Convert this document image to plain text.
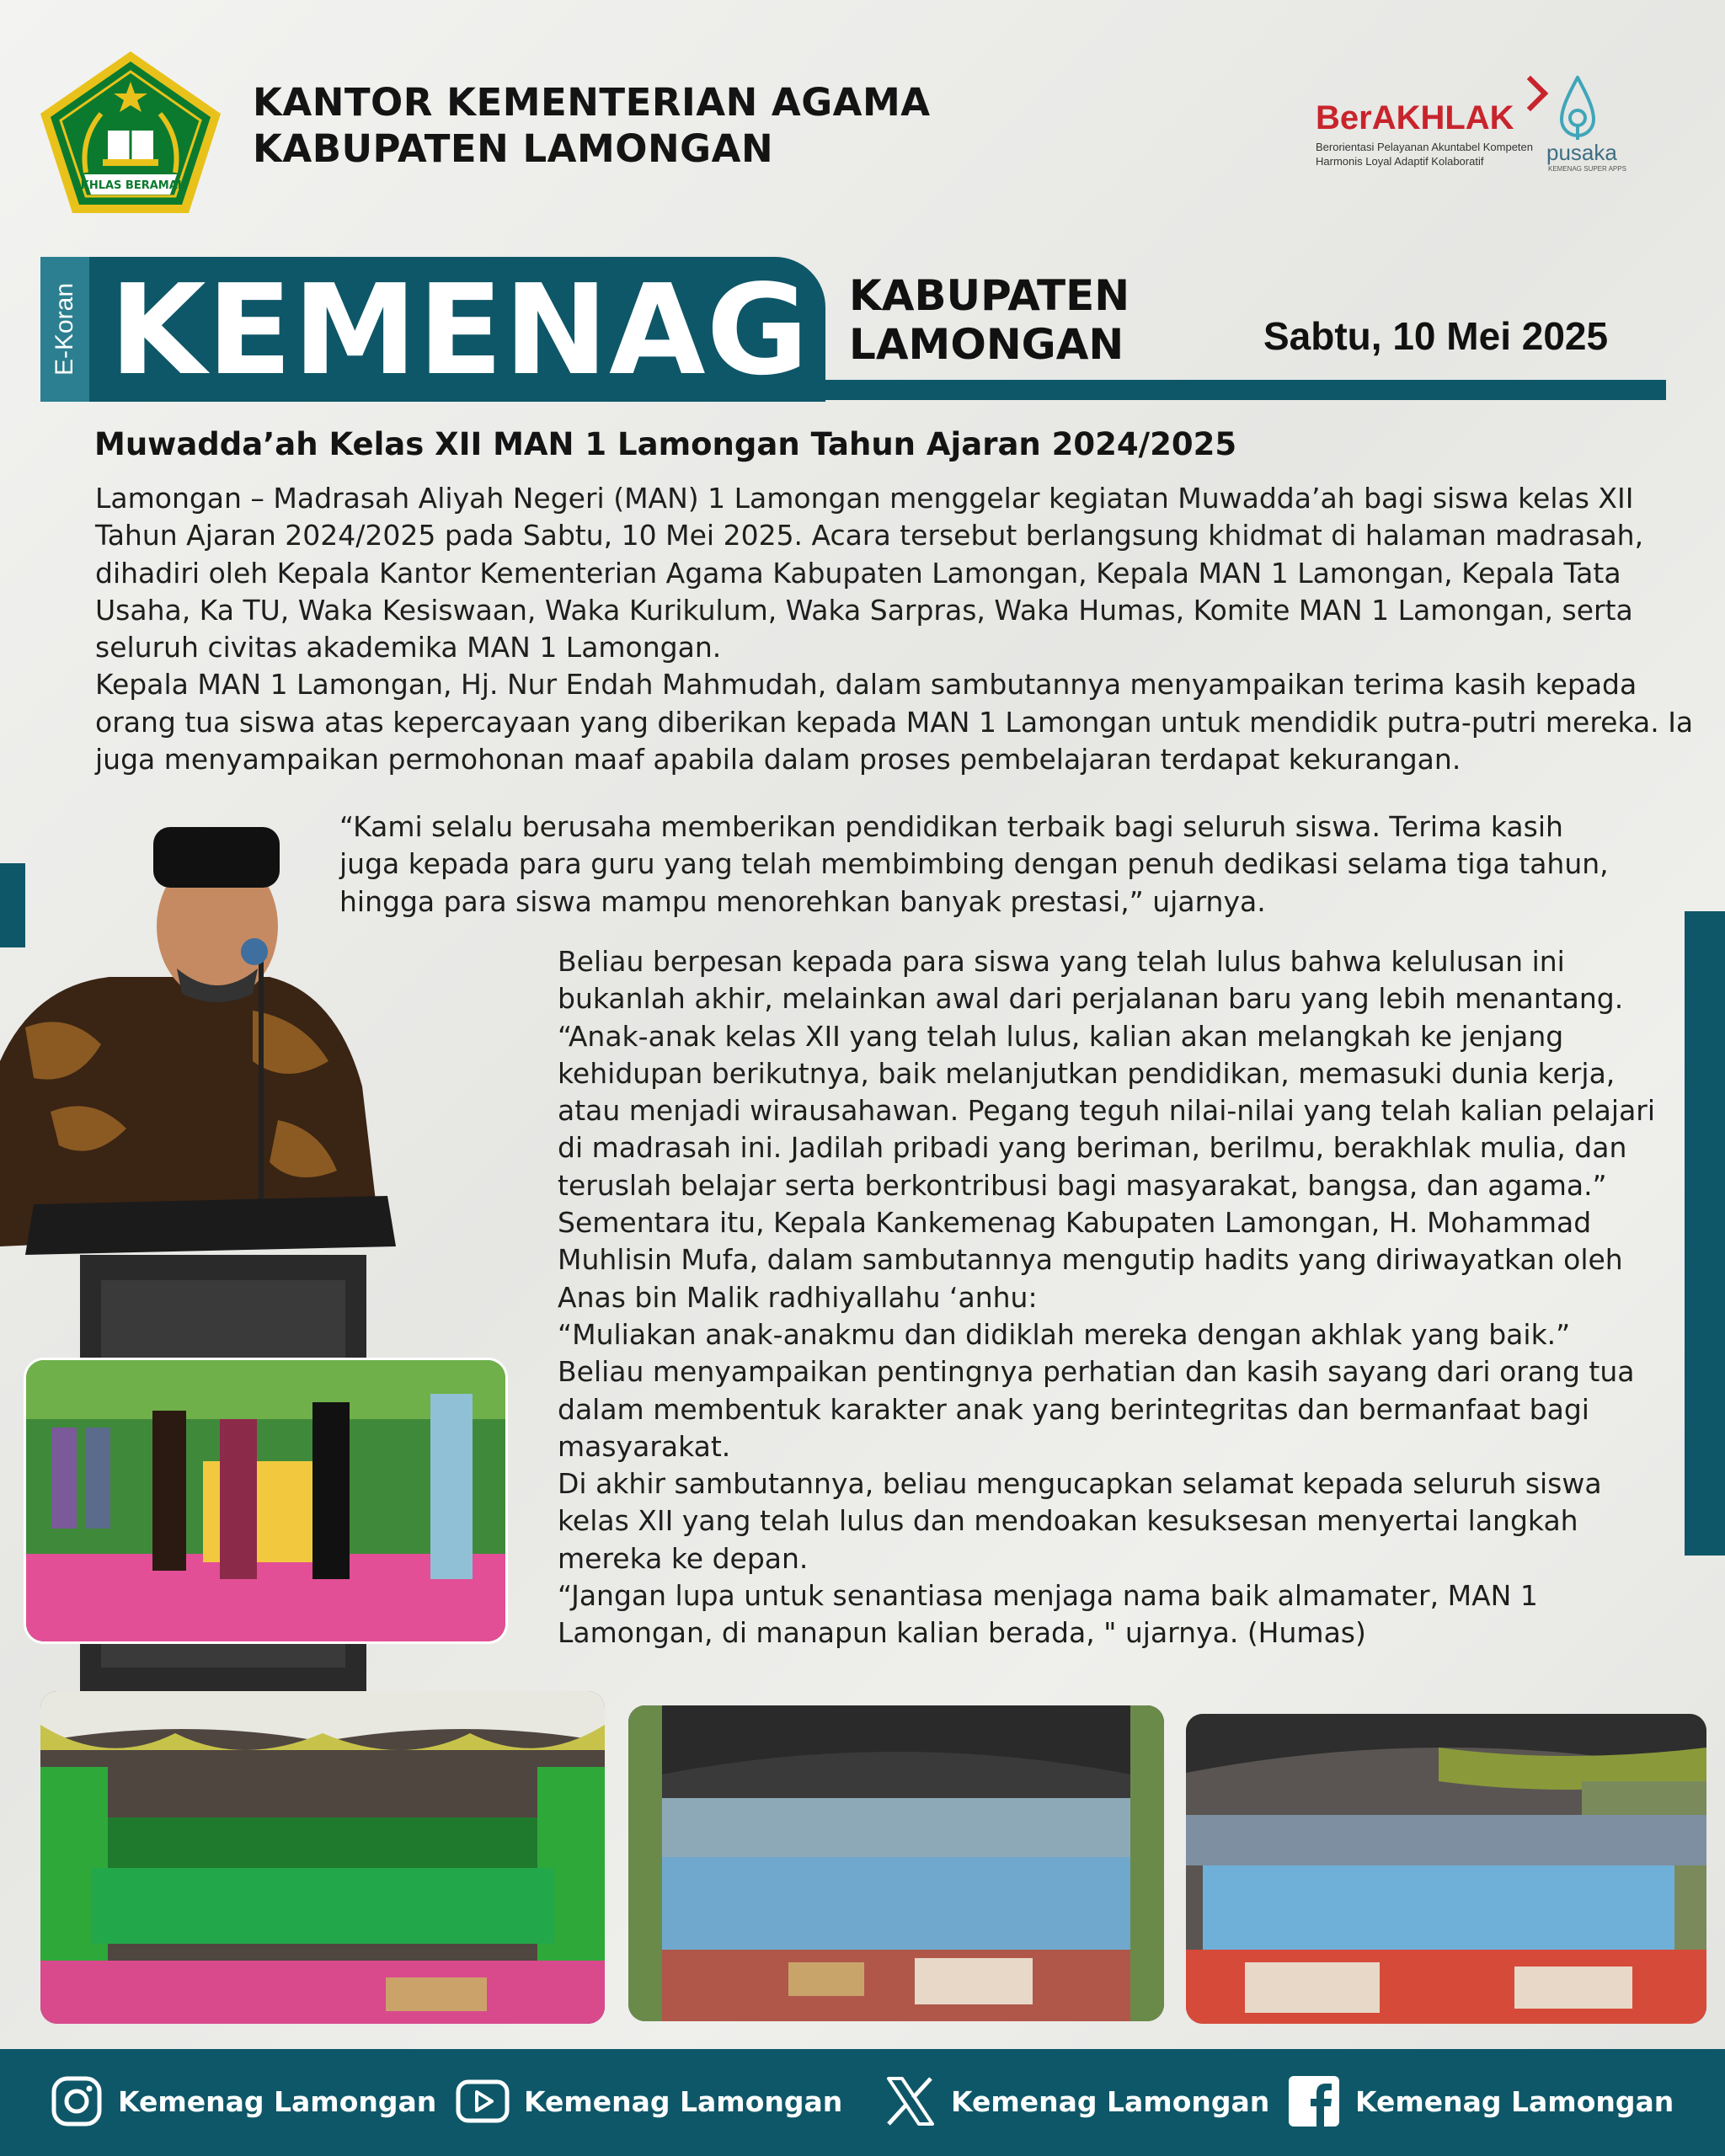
IKHLAS BERAMAL
KANTOR KEMENTERIAN AGAMA
KABUPATEN LAMONGAN
BerAKHLAK
Berorientasi Pelayanan Akuntabel Kompeten
Harmonis Loyal Adaptif Kolaboratif	pusaka
KEMENAG SUPER APPS
E-Koran KEMENAG KABUPATEN
LAMONGAN	Sabtu, 10 Mei 2025
Muwadda’ah Kelas XII MAN 1 Lamongan Tahun Ajaran 2024/2025
Lamongan – Madrasah Aliyah Negeri (MAN) 1 Lamongan menggelar kegiatan Muwadda’ah bagi siswa kelas XII
Tahun Ajaran 2024/2025 pada Sabtu, 10 Mei 2025. Acara tersebut berlangsung khidmat di halaman madrasah,
dihadiri oleh Kepala Kantor Kementerian Agama Kabupaten Lamongan, Kepala MAN 1 Lamongan, Kepala Tata
Usaha, Ka TU, Waka Kesiswaan, Waka Kurikulum, Waka Sarpras, Waka Humas, Komite MAN 1 Lamongan, serta
seluruh civitas akademika MAN 1 Lamongan.
Kepala MAN 1 Lamongan, Hj. Nur Endah Mahmudah, dalam sambutannya menyampaikan terima kasih kepada
orang tua siswa atas kepercayaan yang diberikan kepada MAN 1 Lamongan untuk mendidik putra-putri mereka. Ia
juga menyampaikan permohonan maaf apabila dalam proses pembelajaran terdapat kekurangan.
“Kami selalu berusaha memberikan pendidikan terbaik bagi seluruh siswa. Terima kasih
juga kepada para guru yang telah membimbing dengan penuh dedikasi selama tiga tahun,
hingga para siswa mampu menorehkan banyak prestasi,” ujarnya.
Beliau berpesan kepada para siswa yang telah lulus bahwa kelulusan ini
bukanlah akhir, melainkan awal dari perjalanan baru yang lebih menantang.
“Anak-anak kelas XII yang telah lulus, kalian akan melangkah ke jenjang
kehidupan berikutnya, baik melanjutkan pendidikan, memasuki dunia kerja,
atau menjadi wirausahawan. Pegang teguh nilai-nilai yang telah kalian pelajari
di madrasah ini. Jadilah pribadi yang beriman, berilmu, berakhlak mulia, dan
teruslah belajar serta berkontribusi bagi masyarakat, bangsa, dan agama.”
Sementara itu, Kepala Kankemenag Kabupaten Lamongan, H. Mohammad
Muhlisin Mufa, dalam sambutannya mengutip hadits yang diriwayatkan oleh
Anas bin Malik radhiyallahu ‘anhu:
“Muliakan anak-anakmu dan didiklah mereka dengan akhlak yang baik.”
Beliau menyampaikan pentingnya perhatian dan kasih sayang dari orang tua
dalam membentuk karakter anak yang berintegritas dan bermanfaat bagi
masyarakat.
Di akhir sambutannya, beliau mengucapkan selamat kepada seluruh siswa
kelas XII yang telah lulus dan mendoakan kesuksesan menyertai langkah
mereka ke depan.
“Jangan lupa untuk senantiasa menjaga nama baik almamater, MAN 1
Lamongan, di manapun kalian berada, " ujarnya. (Humas)
Kemenag Lamongan	Kemenag Lamongan	Kemenag Lamongan	Kemenag Lamongan
